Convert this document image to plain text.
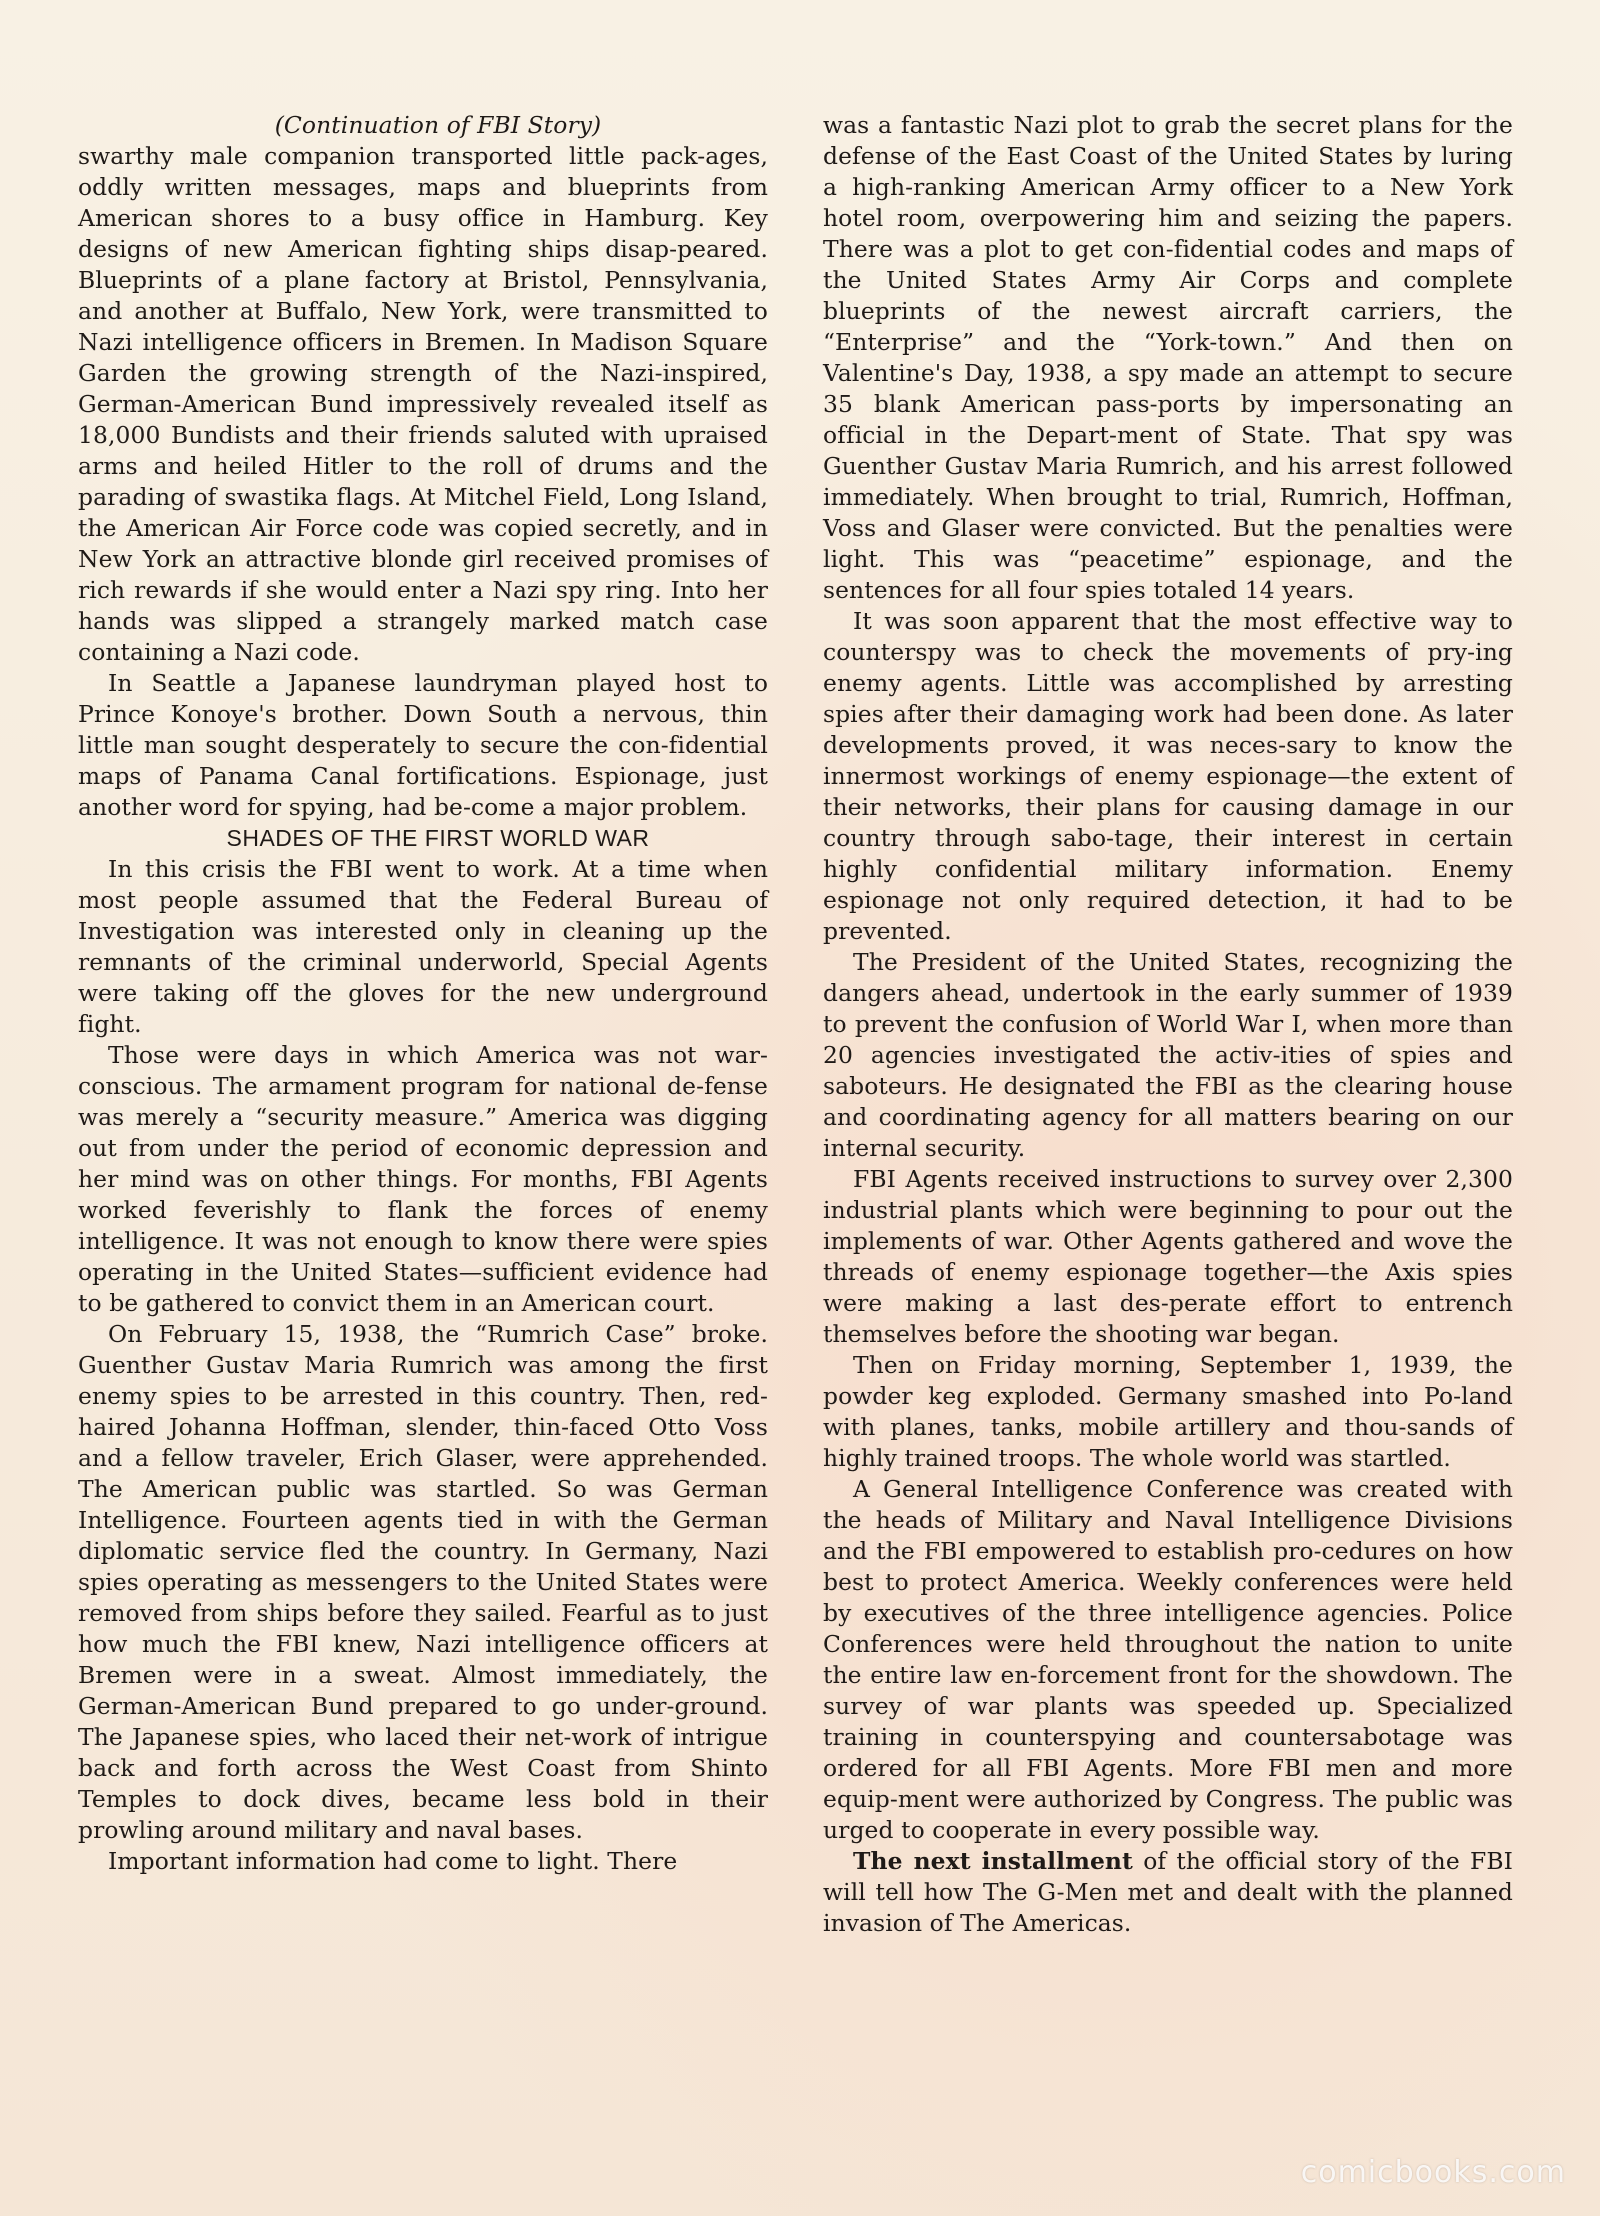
(Continuation of FBI Story)

swarthy male companion transported little pack-ages, oddly written messages, maps and blueprints from American shores to a busy office in Hamburg. Key designs of new American fighting ships disap-peared. Blueprints of a plane factory at Bristol, Pennsylvania, and another at Buffalo, New York, were transmitted to Nazi intelligence officers in Bremen. In Madison Square Garden the growing strength of the Nazi-inspired, German-American Bund impressively revealed itself as 18,000 Bundists and their friends saluted with upraised arms and heiled Hitler to the roll of drums and the parading of swastika flags. At Mitchel Field, Long Island, the American Air Force code was copied secretly, and in New York an attractive blonde girl received promises of rich rewards if she would enter a Nazi spy ring. Into her hands was slipped a strangely marked match case containing a Nazi code.

In Seattle a Japanese laundryman played host to Prince Konoye's brother. Down South a nervous, thin little man sought desperately to secure the con-fidential maps of Panama Canal fortifications. Espionage, just another word for spying, had be-come a major problem.

SHADES OF THE FIRST WORLD WAR

In this crisis the FBI went to work. At a time when most people assumed that the Federal Bureau of Investigation was interested only in cleaning up the remnants of the criminal underworld, Special Agents were taking off the gloves for the new underground fight.

Those were days in which America was not war-conscious. The armament program for national de-fense was merely a “security measure.” America was digging out from under the period of economic depression and her mind was on other things. For months, FBI Agents worked feverishly to flank the forces of enemy intelligence. It was not enough to know there were spies operating in the United States—sufficient evidence had to be gathered to convict them in an American court.

On February 15, 1938, the “Rumrich Case” broke. Guenther Gustav Maria Rumrich was among the first enemy spies to be arrested in this country. Then, red-haired Johanna Hoffman, slender, thin-faced Otto Voss and a fellow traveler, Erich Glaser, were apprehended. The American public was startled. So was German Intelligence. Fourteen agents tied in with the German diplomatic service fled the country. In Germany, Nazi spies operating as messengers to the United States were removed from ships before they sailed. Fearful as to just how much the FBI knew, Nazi intelligence officers at Bremen were in a sweat. Almost immediately, the German-American Bund prepared to go under-ground. The Japanese spies, who laced their net-work of intrigue back and forth across the West Coast from Shinto Temples to dock dives, became less bold in their prowling around military and naval bases.

Important information had come to light. There

was a fantastic Nazi plot to grab the secret plans for the defense of the East Coast of the United States by luring a high-ranking American Army officer to a New York hotel room, overpowering him and seizing the papers. There was a plot to get con-fidential codes and maps of the United States Army Air Corps and complete blueprints of the newest aircraft carriers, the “Enterprise” and the “York-town.” And then on Valentine's Day, 1938, a spy made an attempt to secure 35 blank American pass-ports by impersonating an official in the Depart-ment of State. That spy was Guenther Gustav Maria Rumrich, and his arrest followed immediately. When brought to trial, Rumrich, Hoffman, Voss and Glaser were convicted. But the penalties were light. This was “peacetime” espionage, and the sentences for all four spies totaled 14 years.

It was soon apparent that the most effective way to counterspy was to check the movements of pry-ing enemy agents. Little was accomplished by arresting spies after their damaging work had been done. As later developments proved, it was neces-sary to know the innermost workings of enemy espionage—the extent of their networks, their plans for causing damage in our country through sabo-tage, their interest in certain highly confidential military information. Enemy espionage not only required detection, it had to be prevented.

The President of the United States, recognizing the dangers ahead, undertook in the early summer of 1939 to prevent the confusion of World War I, when more than 20 agencies investigated the activ-ities of spies and saboteurs. He designated the FBI as the clearing house and coordinating agency for all matters bearing on our internal security.

FBI Agents received instructions to survey over 2,300 industrial plants which were beginning to pour out the implements of war. Other Agents gathered and wove the threads of enemy espionage together—the Axis spies were making a last des-perate effort to entrench themselves before the shooting war began.

Then on Friday morning, September 1, 1939, the powder keg exploded. Germany smashed into Po-land with planes, tanks, mobile artillery and thou-sands of highly trained troops. The whole world was startled.

A General Intelligence Conference was created with the heads of Military and Naval Intelligence Divisions and the FBI empowered to establish pro-cedures on how best to protect America. Weekly conferences were held by executives of the three intelligence agencies. Police Conferences were held throughout the nation to unite the entire law en-forcement front for the showdown. The survey of war plants was speeded up. Specialized training in counterspying and countersabotage was ordered for all FBI Agents. More FBI men and more equip-ment were authorized by Congress. The public was urged to cooperate in every possible way.

The next installment of the official story of the FBI will tell how The G-Men met and dealt with the planned invasion of The Americas.

comicbooks.com
